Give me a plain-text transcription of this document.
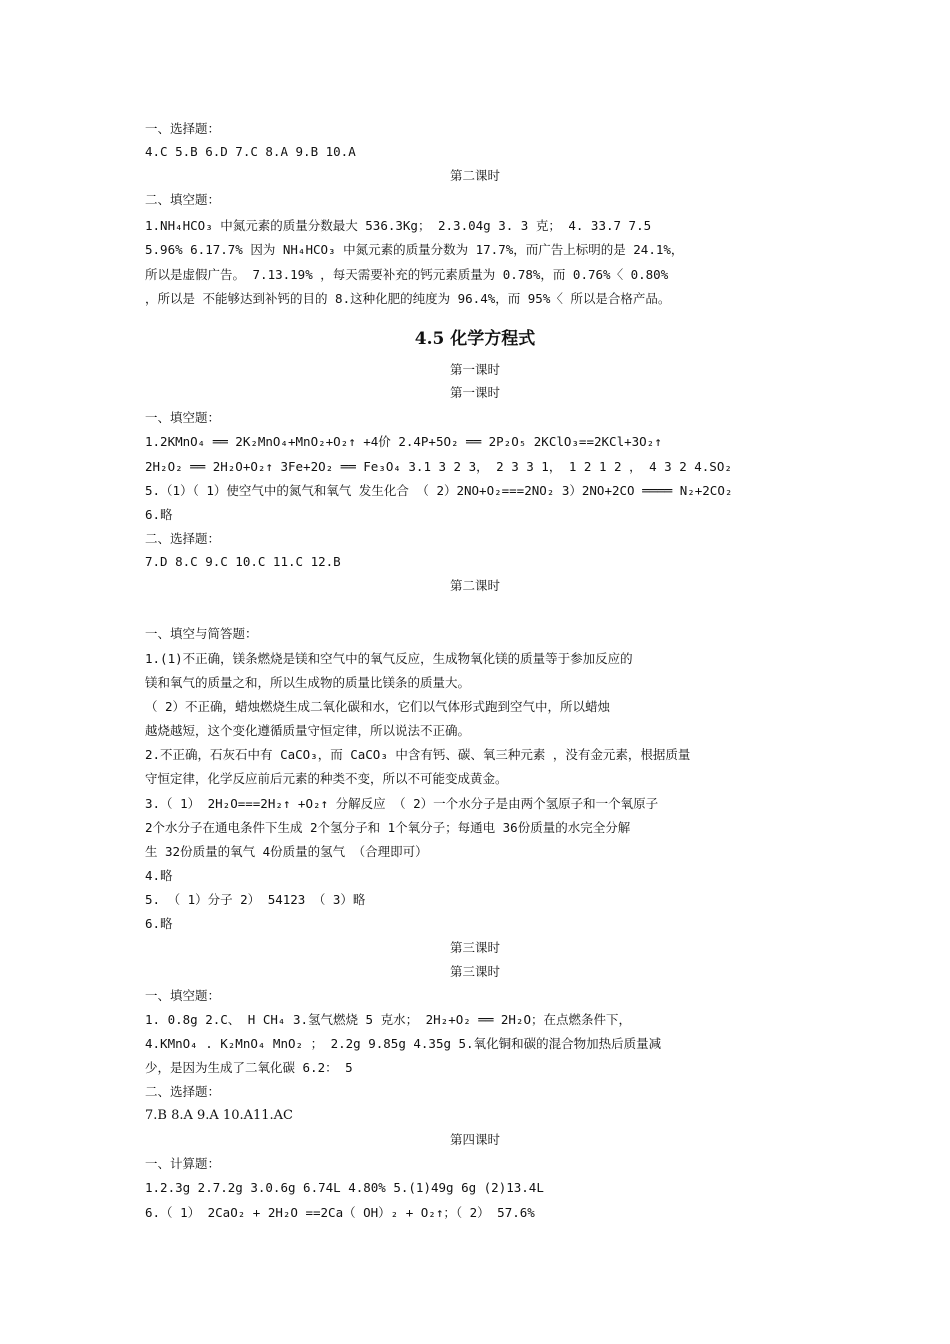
一、选择题：
4.C 5.B 6.D 7.C 8.A 9.B 10.A
第二课时
二、填空题：
1.NH₄HCO₃ 中氮元素的质量分数最大 536.3Kg； 2.3.04g 3. 3 克； 4. 33.7 7.5
5.96% 6.17.7% 因为 NH₄HCO₃ 中氮元素的质量分数为 17.7%，而广告上标明的是 24.1%，
所以是虚假广告。 7.13.19% ，每天需要补充的钙元素质量为 0.78%，而 0.76%〈 0.80%
，所以是 不能够达到补钙的目的 8.这种化肥的纯度为 96.4%，而 95%〈 所以是合格产品。
4.5 化学方程式
第一课时
第一课时
一、填空题：
1.2KMnO₄ ══ 2K₂MnO₄+MnO₂+O₂↑ +4价 2.4P+5O₂ ══ 2P₂O₅ 2KClO₃==2KCl+3O₂↑
2H₂O₂ ══ 2H₂O+O₂↑ 3Fe+2O₂ ══ Fe₃O₄ 3.1 3 2 3， 2 3 3 1， 1 2 1 2 ， 4 3 2 4.SO₂
5.（1）（ 1）使空气中的氮气和氧气 发生化合 （ 2）2NO+O₂===2NO₂ 3）2NO+2CO ════ N₂+2CO₂
6.略
二、选择题：
7.D 8.C 9.C 10.C 11.C 12.B
第二课时
一、填空与简答题：
1.(1)不正确，镁条燃烧是镁和空气中的氧气反应，生成物氧化镁的质量等于参加反应的
镁和氧气的质量之和，所以生成物的质量比镁条的质量大。
（ 2）不正确，蜡烛燃烧生成二氧化碳和水，它们以气体形式跑到空气中，所以蜡烛
越烧越短，这个变化遵循质量守恒定律，所以说法不正确。
2.不正确，石灰石中有 CaCO₃，而 CaCO₃ 中含有钙、碳、氧三种元素 ，没有金元素，根据质量
守恒定律，化学反应前后元素的种类不变，所以不可能变成黄金。
3.（ 1） 2H₂O===2H₂↑ +O₂↑ 分解反应 （ 2）一个水分子是由两个氢原子和一个氧原子
2个水分子在通电条件下生成 2个氢分子和 1个氧分子；每通电 36份质量的水完全分解
生 32份质量的氧气 4份质量的氢气 （合理即可）
4.略
5. （ 1）分子 2） 54123 （ 3）略
6.略
第三课时
第三课时
一、填空题：
1. 0.8g 2.C、 H CH₄ 3.氢气燃烧 5 克水； 2H₂+O₂ ══ 2H₂O；在点燃条件下，
4.KMnO₄ . K₂MnO₄ MnO₂ ； 2.2g 9.85g 4.35g 5.氧化铜和碳的混合物加热后质量减
少，是因为生成了二氧化碳 6.2： 5
二、选择题：
7.B 8.A 9.A 10.A11.AC
第四课时
一、计算题：
1.2.3g 2.7.2g 3.0.6g 6.74L 4.80% 5.(1)49g 6g (2)13.4L
6.（ 1） 2CaO₂ + 2H₂O ==2Ca（ OH）₂ + O₂↑；（ 2） 57.6%
